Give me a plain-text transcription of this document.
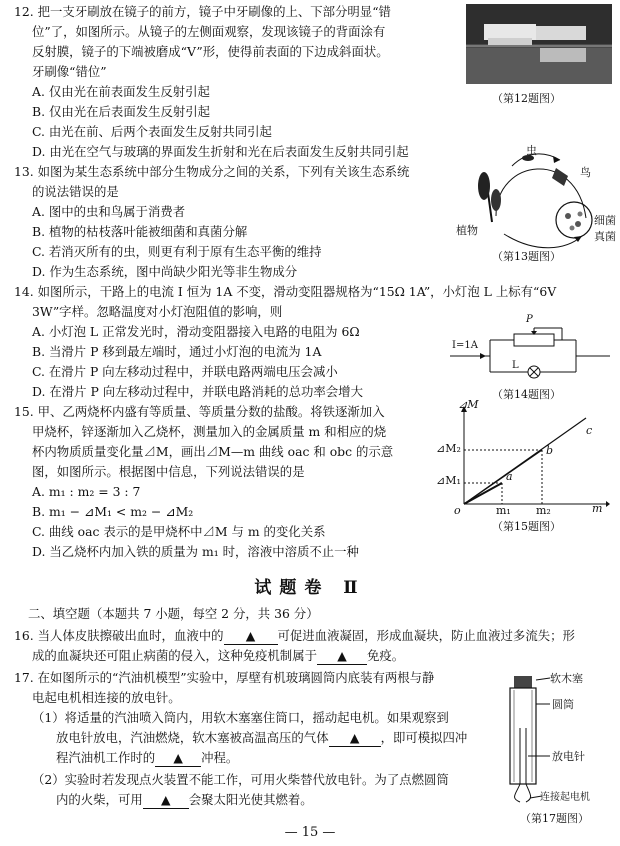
12. 把一支牙刷放在镜子的前方，镜子中牙刷像的上、下部分明显“错
位”了，如图所示。从镜子的左侧面观察，发现该镜子的背面涂有
反射膜，镜子的下端被磨成“V”形，使得前表面的下边成斜面状。
牙刷像“错位”
A. 仅由光在前表面发生反射引起
B. 仅由光在后表面发生反射引起
C. 由光在前、后两个表面发生反射共同引起
D. 由光在空气与玻璃的界面发生折射和光在后表面发生反射共同引起
（第12题图）
13. 如图为某生态系统中部分生物成分之间的关系，下列有关该生态系统
的说法错误的是
A. 图中的虫和鸟属于消费者
B. 植物的枯枝落叶能被细菌和真菌分解
C. 若消灭所有的虫，则更有利于原有生态平衡的维持
D. 作为生态系统，图中尚缺少阳光等非生物成分
虫
鸟
植物
细菌
真菌
（第13题图）
14. 如图所示，干路上的电流 I 恒为 1A 不变，滑动变阻器规格为“15Ω 1A”，小灯泡 L 上标有“6V
3W”字样。忽略温度对小灯泡阻值的影响，则
A. 小灯泡 L 正常发光时，滑动变阻器接入电路的电阻为 6Ω
B. 当滑片 P 移到最左端时，通过小灯泡的电流为 1A
C. 在滑片 P 向左移动过程中，并联电路两端电压会减小
D. 在滑片 P 向左移动过程中，并联电路消耗的总功率会增大
I=1A
P
L
（第14题图）
15. 甲、乙两烧杯内盛有等质量、等质量分数的盐酸。将铁逐渐加入
甲烧杯，锌逐渐加入乙烧杯，测量加入的金属质量 m 和相应的烧
杯内物质质量变化量⊿M，画出⊿M—m 曲线 oac 和 obc 的示意
图，如图所示。根据图中信息，下列说法错误的是
A. m₁ : m₂ = 3 : 7
B. m₁ − ⊿M₁ < m₂ − ⊿M₂
C. 曲线 oac 表示的是甲烧杯中⊿M 与 m 的变化关系
D. 当乙烧杯内加入铁的质量为 m₁ 时，溶液中溶质不止一种
⊿M
m
⊿M₂
⊿M₁
o	m₁ m₂
a
b
c
（第15题图）
试题卷 Ⅱ
二、填空题（本题共 7 小题，每空 2 分，共 36 分）
16. 当人体皮肤擦破出血时，血液中的 ▲ 可促进血液凝固，形成血凝块，防止血液过多流失；形
成的血凝块还可阻止病菌的侵入，这种免疫机制属于 ▲ 免疫。
17. 在如图所示的“汽油机模型”实验中，厚壁有机玻璃圆筒内底装有两根与静
电起电机相连接的放电针。
（1）将适量的汽油喷入筒内，用软木塞塞住筒口，摇动起电机。如果观察到
放电针放电，汽油燃烧，软木塞被高温高压的气体 ▲ ，即可模拟四冲
程汽油机工作时的 ▲ 冲程。
（2）实验时若发现点火装置不能工作，可用火柴替代放电针。为了点燃圆筒
内的火柴，可用 ▲ 会聚太阳光使其燃着。
软木塞
圆筒
放电针
连接起电机
（第17题图）
— 15 —
